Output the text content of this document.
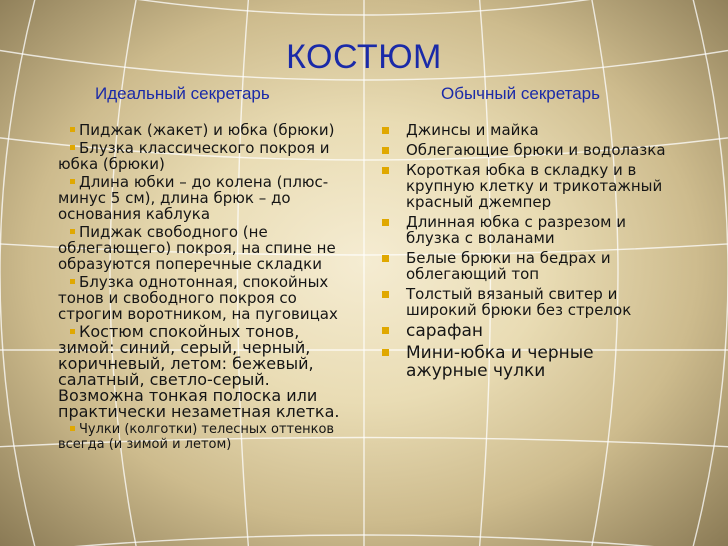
КОСТЮМ
Идеальный секретарь	Обычный секретарь
Пиджак (жакет) и юбка (брюки)
Блузка классического покроя и юбка (брюки)
Длина юбки – до колена (плюс-минус 5 см), длина брюк – до основания каблука
Пиджак свободного (не облегающего) покроя, на спине не образуются поперечные складки
Блузка однотонная, спокойных тонов и свободного покроя со строгим воротником, на пуговицах
Костюм спокойных тонов, зимой: синий, серый, черный, коричневый, летом: бежевый, салатный, светло-серый. Возможна тонкая полоска или практически незаметная клетка.
Чулки (колготки) телесных оттенков всегда (и зимой и летом)
Джинсы и майка
Облегающие брюки и водолазка
Короткая юбка в складку и в крупную клетку и трикотажный красный джемпер
Длинная юбка с разрезом и блузка с воланами
Белые брюки на бедрах и облегающий топ
Толстый вязаный свитер и широкий брюки без стрелок
сарафан
Мини-юбка и черные ажурные чулки
